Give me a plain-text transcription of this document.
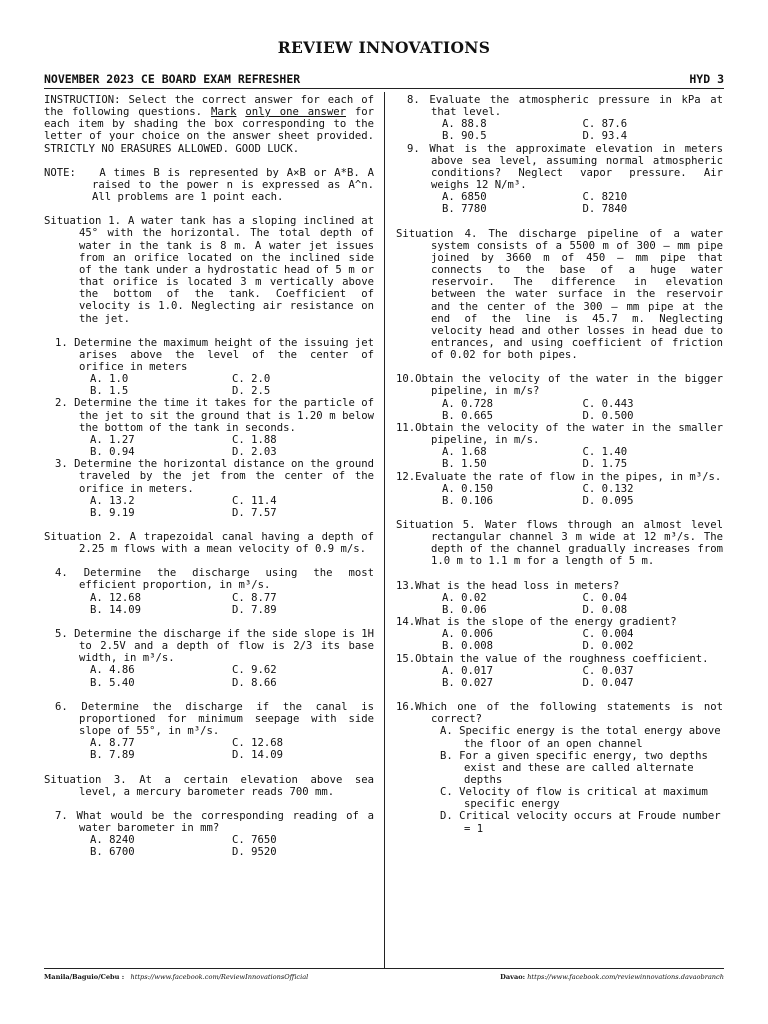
REVIEW INNOVATIONS
NOVEMBER 2023 CE BOARD EXAM REFRESHER	HYD 3
INSTRUCTION: Select the correct answer for each of the following questions. Mark only one answer for each item by shading the box corresponding to the letter of your choice on the answer sheet provided. STRICTLY NO ERASURES ALLOWED. GOOD LUCK.
NOTE: A times B is represented by A×B or A*B. A raised to the power n is expressed as A^n. All problems are 1 point each.
Situation 1. A water tank has a sloping inclined at 45° with the horizontal. The total depth of water in the tank is 8 m. A water jet issues from an orifice located on the inclined side of the tank under a hydrostatic head of 5 m or that orifice is located 3 m vertically above the bottom of the tank. Coefficient of velocity is 1.0. Neglecting air resistance on the jet.
1. Determine the maximum height of the issuing jet arises above the level of the center of orifice in meters
A. 1.0	C. 2.0
B. 1.5	D. 2.5
2. Determine the time it takes for the particle of the jet to sit the ground that is 1.20 m below the bottom of the tank in seconds.
A. 1.27	C. 1.88
B. 0.94	D. 2.03
3. Determine the horizontal distance on the ground traveled by the jet from the center of the orifice in meters.
A. 13.2	C. 11.4
B. 9.19	D. 7.57
Situation 2. A trapezoidal canal having a depth of 2.25 m flows with a mean velocity of 0.9 m/s.
4. Determine the discharge using the most efficient proportion, in m³/s.
A. 12.68	C. 8.77
B. 14.09	D. 7.89
5. Determine the discharge if the side slope is 1H to 2.5V and a depth of flow is 2/3 its base width, in m³/s.
A. 4.86	C. 9.62
B. 5.40	D. 8.66
6. Determine the discharge if the canal is proportioned for minimum seepage with side slope of 55°, in m³/s.
A. 8.77	C. 12.68
B. 7.89	D. 14.09
Situation 3. At a certain elevation above sea level, a mercury barometer reads 700 mm.
7. What would be the corresponding reading of a water barometer in mm?
A. 8240	C. 7650
B. 6700	D. 9520
8. Evaluate the atmospheric pressure in kPa at that level.
A. 88.8	C. 87.6
B. 90.5	D. 93.4
9. What is the approximate elevation in meters above sea level, assuming normal atmospheric conditions? Neglect vapor pressure. Air weighs 12 N/m³.
A. 6850	C. 8210
B. 7780	D. 7840
Situation 4. The discharge pipeline of a water system consists of a 5500 m of 300 – mm pipe joined by 3660 m of 450 – mm pipe that connects to the base of a huge water reservoir. The difference in elevation between the water surface in the reservoir and the center of the 300 – mm pipe at the end of the line is 45.7 m. Neglecting velocity head and other losses in head due to entrances, and using coefficient of friction of 0.02 for both pipes.
10.Obtain the velocity of the water in the bigger pipeline, in m/s?
A. 0.728	C. 0.443
B. 0.665	D. 0.500
11.Obtain the velocity of the water in the smaller pipeline, in m/s.
A. 1.68	C. 1.40
B. 1.50	D. 1.75
12.Evaluate the rate of flow in the pipes, in m³/s.
A. 0.150	C. 0.132
B. 0.106	D. 0.095
Situation 5. Water flows through an almost level rectangular channel 3 m wide at 12 m³/s. The depth of the channel gradually increases from 1.0 m to 1.1 m for a length of 5 m.
13.What is the head loss in meters?
A. 0.02	C. 0.04
B. 0.06	D. 0.08
14.What is the slope of the energy gradient?
A. 0.006	C. 0.004
B. 0.008	D. 0.002
15.Obtain the value of the roughness coefficient.
A. 0.017	C. 0.037
B. 0.027	D. 0.047
16.Which one of the following statements is not correct?
A. Specific energy is the total energy above the floor of an open channel
B. For a given specific energy, two depths exist and these are called alternate depths
C. Velocity of flow is critical at maximum specific energy
D. Critical velocity occurs at Froude number = 1
Manila/Baguio/Cebu : https://www.facebook.com/ReviewInnovationsOfficial	Davao: https://www.facebook.com/reviewinnovations.davaobranch
